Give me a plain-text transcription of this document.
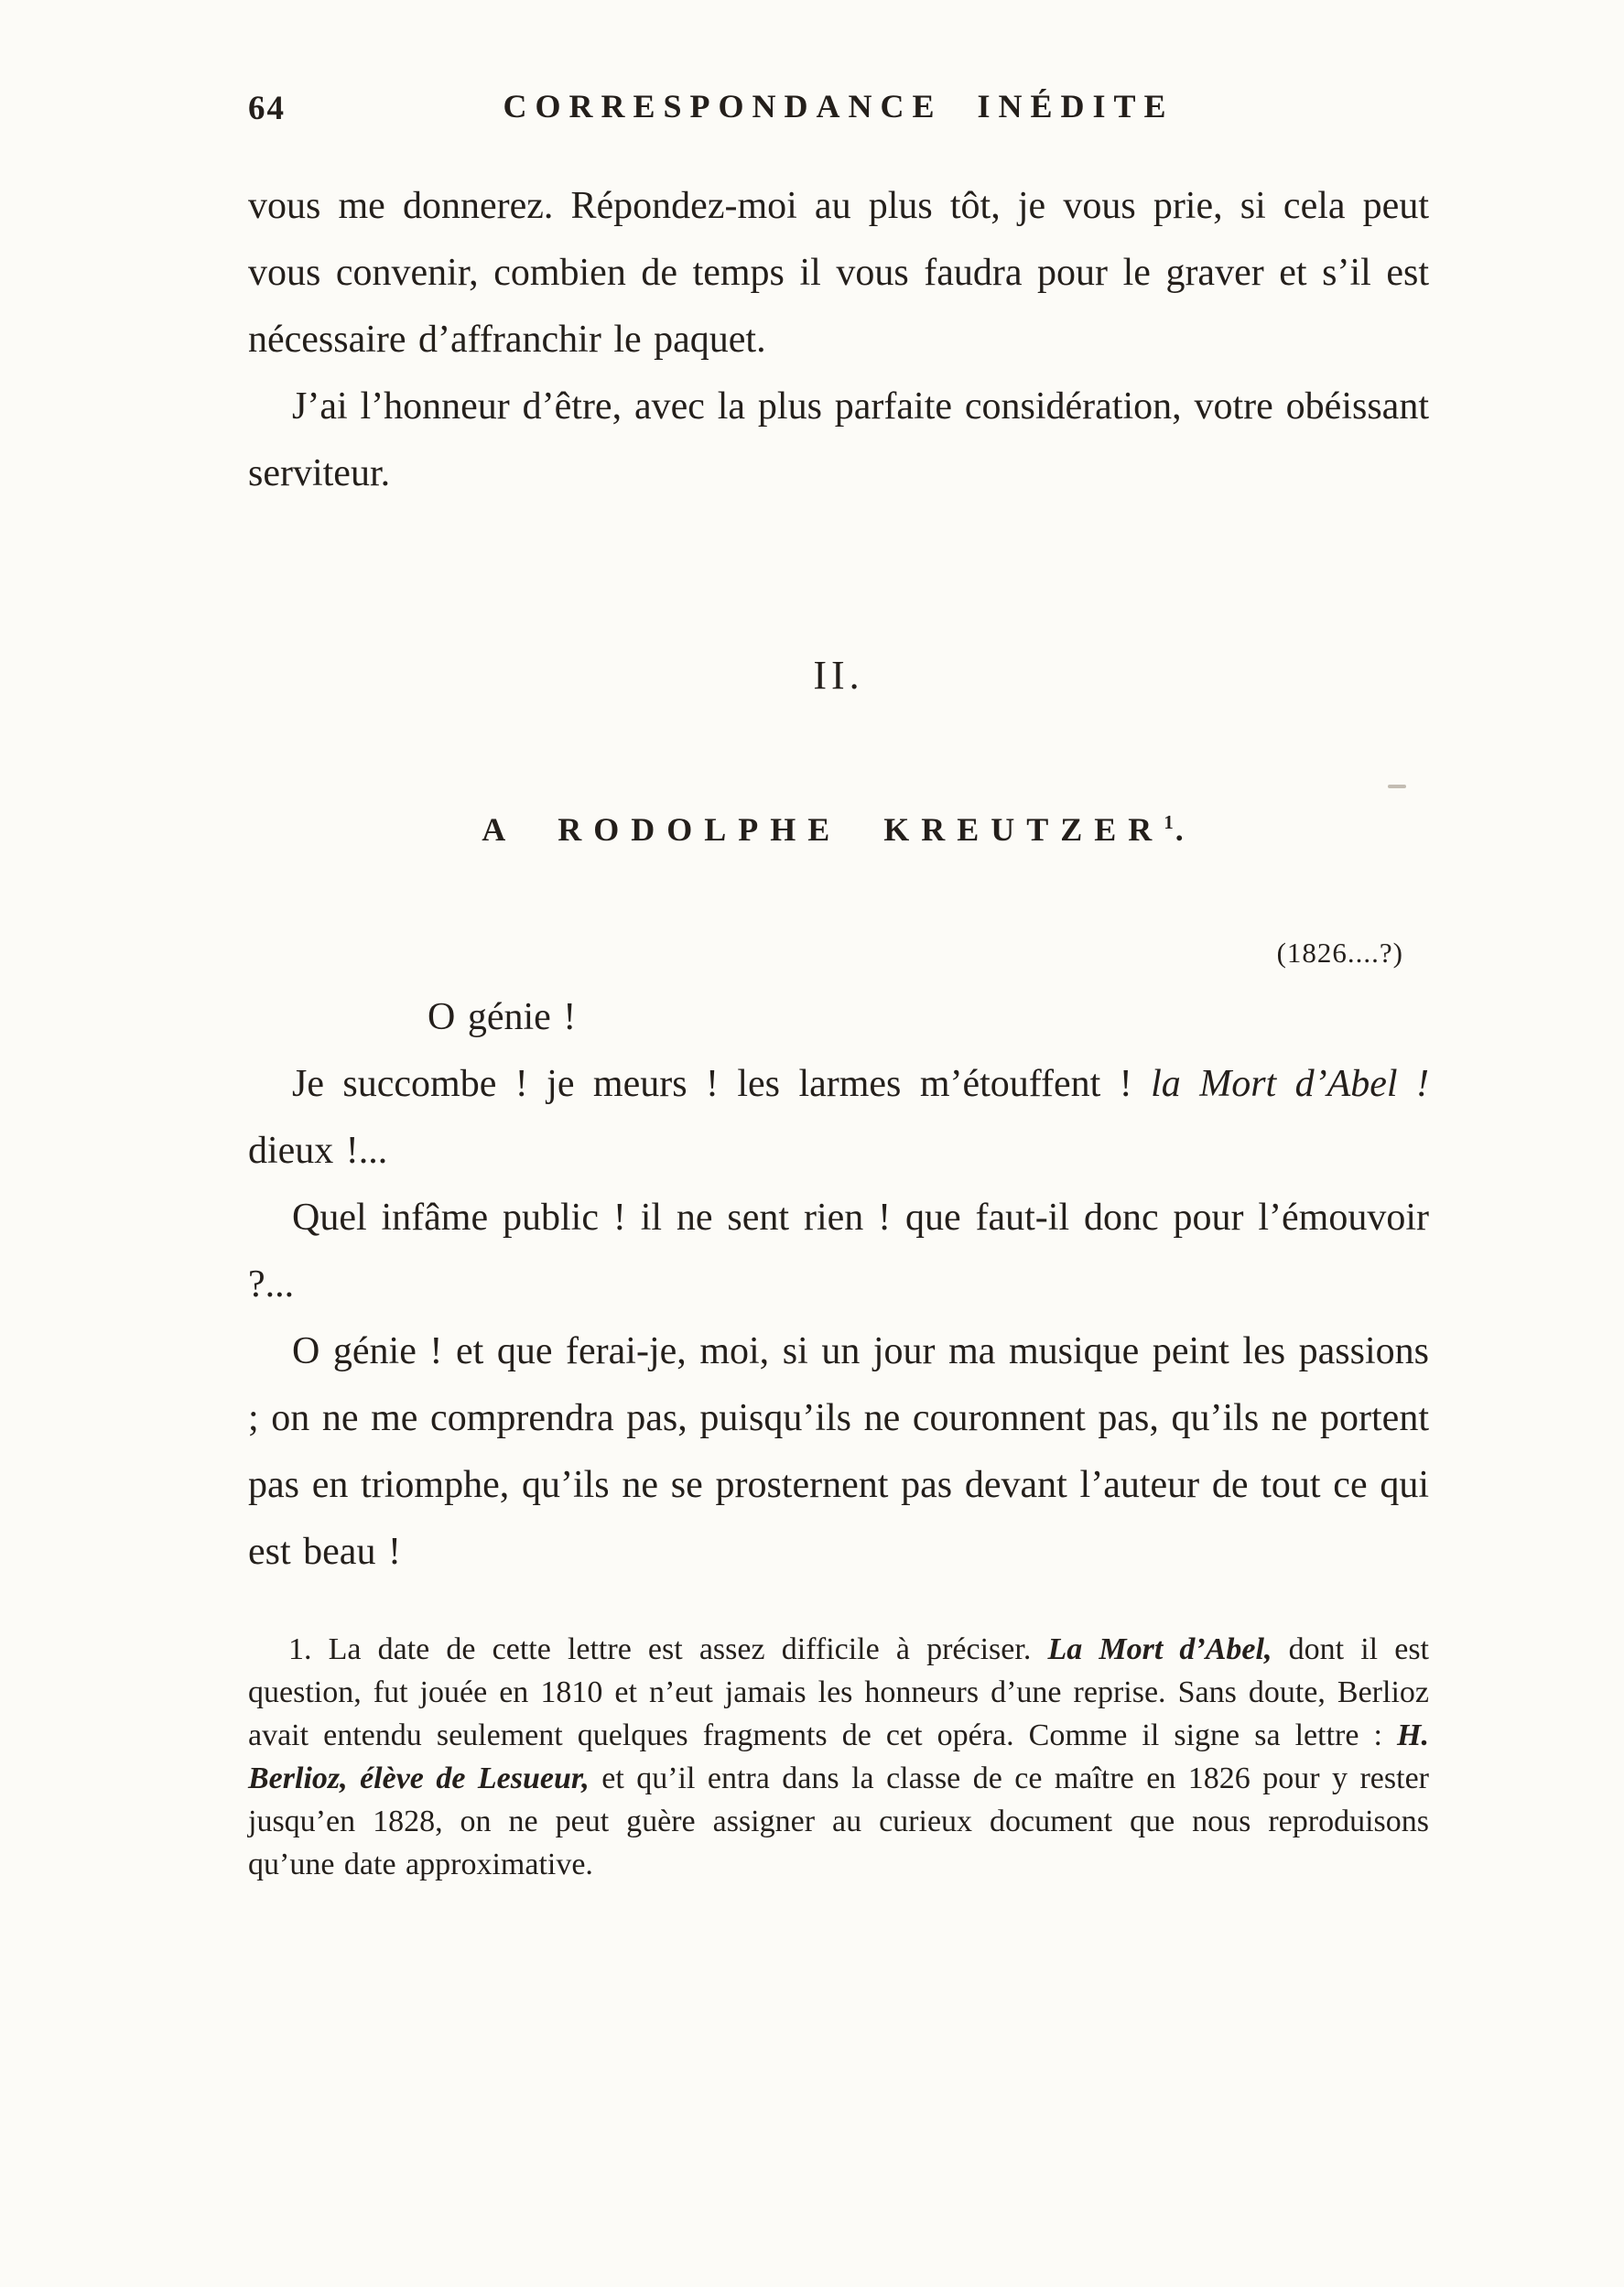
64	CORRESPONDANCE INÉDITE

vous me donnerez. Répondez-moi au plus tôt, je vous prie, si cela peut vous convenir, combien de temps il vous faudra pour le graver et s’il est nécessaire d’affranchir le paquet.

J’ai l’honneur d’être, avec la plus parfaite considération, votre obéissant serviteur.

II.
A RODOLPHE KREUTZER$^1$.
(1826....?)

O génie !

Je succombe ! je meurs ! les larmes m’étouffent ! la Mort d’Abel ! dieux !...

Quel infâme public ! il ne sent rien ! que faut-il donc pour l’émouvoir ?...

O génie ! et que ferai-je, moi, si un jour ma musique peint les passions ; on ne me comprendra pas, puisqu’ils ne couronnent pas, qu’ils ne portent pas en triomphe, qu’ils ne se prosternent pas devant l’auteur de tout ce qui est beau !

1. La date de cette lettre est assez difficile à préciser. La Mort d’Abel, dont il est question, fut jouée en 1810 et n’eut jamais les honneurs d’une reprise. Sans doute, Berlioz avait entendu seulement quelques fragments de cet opéra. Comme il signe sa lettre : H. Berlioz, élève de Lesueur, et qu’il entra dans la classe de ce maître en 1826 pour y rester jusqu’en 1828, on ne peut guère assigner au curieux document que nous reproduisons qu’une date approximative.
